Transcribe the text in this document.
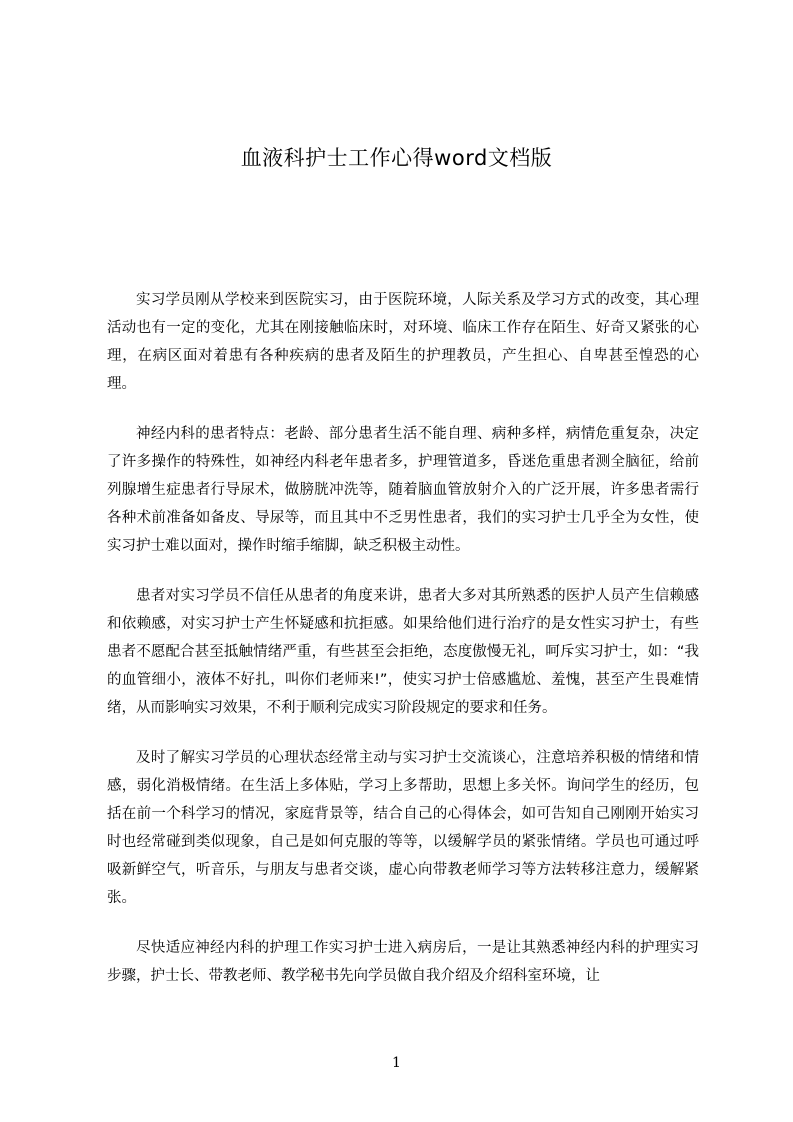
血液科护士工作心得word文档版

实习学员刚从学校来到医院实习，由于医院环境，人际关系及学习方式的改变，其心理活动也有一定的变化，尤其在刚接触临床时，对环境、临床工作存在陌生、好奇又紧张的心理，在病区面对着患有各种疾病的患者及陌生的护理教员，产生担心、自卑甚至惶恐的心理。

神经内科的患者特点：老龄、部分患者生活不能自理、病种多样，病情危重复杂，决定了许多操作的特殊性，如神经内科老年患者多，护理管道多，昏迷危重患者测全脑征，给前列腺增生症患者行导尿术，做膀胱冲洗等，随着脑血管放射介入的广泛开展，许多患者需行各种术前准备如备皮、导尿等，而且其中不乏男性患者，我们的实习护士几乎全为女性，使实习护士难以面对，操作时缩手缩脚，缺乏积极主动性。

患者对实习学员不信任从患者的角度来讲，患者大多对其所熟悉的医护人员产生信赖感和依赖感，对实习护士产生怀疑感和抗拒感。如果给他们进行治疗的是女性实习护士，有些患者不愿配合甚至抵触情绪严重，有些甚至会拒绝，态度傲慢无礼，呵斥实习护士，如：“我的血管细小，液体不好扎，叫你们老师来!”，使实习护士倍感尴尬、羞愧，甚至产生畏难情绪，从而影响实习效果，不利于顺利完成实习阶段规定的要求和任务。

及时了解实习学员的心理状态经常主动与实习护士交流谈心，注意培养积极的情绪和情感，弱化消极情绪。在生活上多体贴，学习上多帮助，思想上多关怀。询问学生的经历，包括在前一个科学习的情况，家庭背景等，结合自己的心得体会，如可告知自己刚刚开始实习时也经常碰到类似现象，自己是如何克服的等等，以缓解学员的紧张情绪。学员也可通过呼吸新鲜空气，听音乐，与朋友与患者交谈，虚心向带教老师学习等方法转移注意力，缓解紧张。

尽快适应神经内科的护理工作实习护士进入病房后，一是让其熟悉神经内科的护理实习步骤，护士长、带教老师、教学秘书先向学员做自我介绍及介绍科室环境，让

1
